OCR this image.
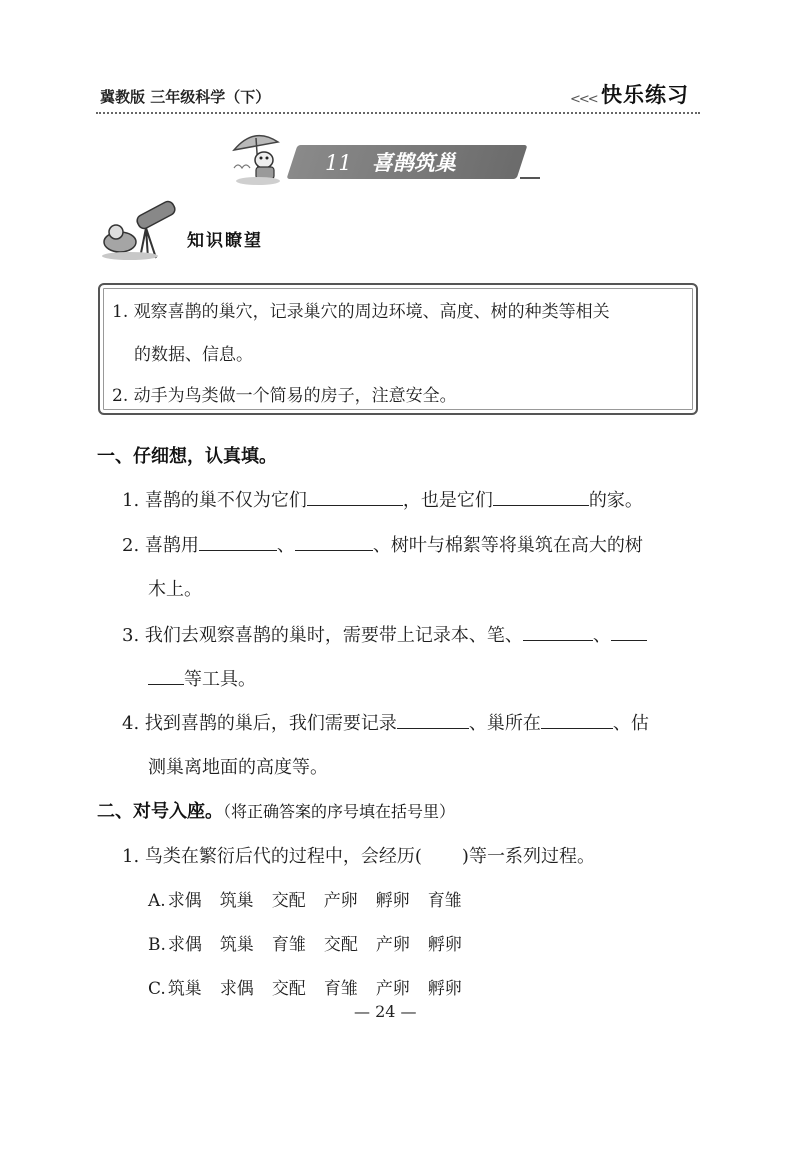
冀教版 三年级科学（下）	<<< 快乐练习
11 喜鹊筑巢
知识瞭望
1. 观察喜鹊的巢穴，记录巢穴的周边环境、高度、树的种类等相关
的数据、信息。
2. 动手为鸟类做一个简易的房子，注意安全。
一、仔细想，认真填。
1. 喜鹊的巢不仅为它们	，也是它们	的家。
2. 喜鹊用	、	、树叶与棉絮等将巢筑在高大的树
木上。
3. 我们去观察喜鹊的巢时，需要带上记录本、笔、	、
等工具。
4. 找到喜鹊的巢后，我们需要记录	、巢所在	、估
测巢离地面的高度等。
二、对号入座。（将正确答案的序号填在括号里）
1. 鸟类在繁衍后代的过程中，会经历( )等一系列过程。
A. 求偶 筑巢 交配 产卵 孵卵 育雏
B. 求偶 筑巢 育雏 交配 产卵 孵卵
C. 筑巢 求偶 交配 育雏 产卵 孵卵
— 24 —
